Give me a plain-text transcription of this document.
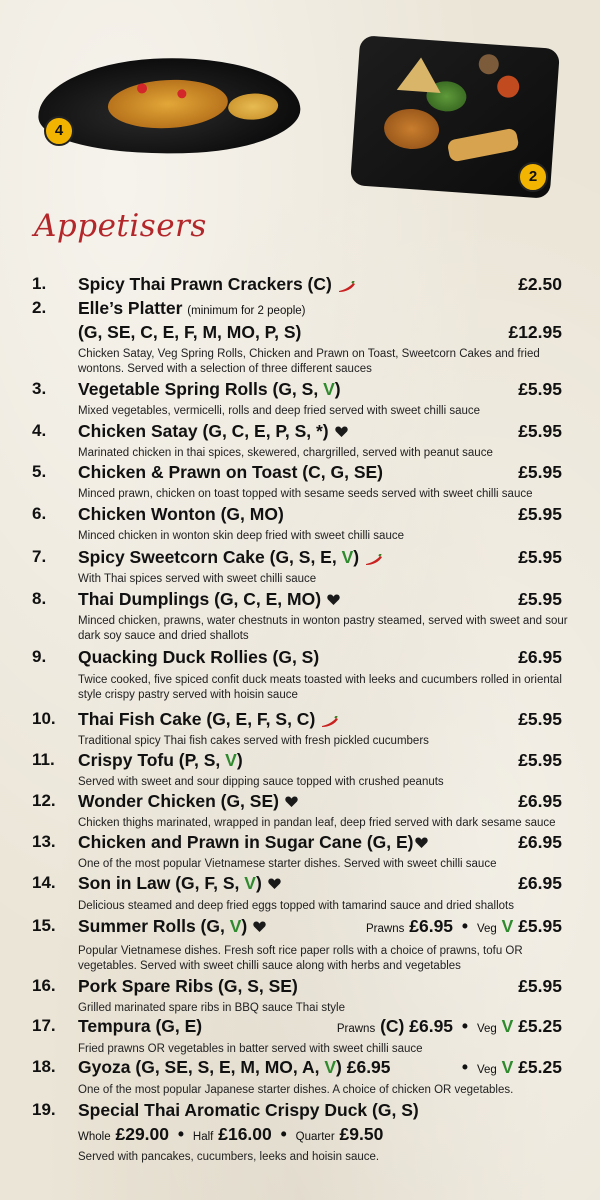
4
2
Appetisers
1. Spicy Thai Prawn Crackers (C)	£2.50
2. Elle’s Platter (minimum for 2 people)
(G, SE, C, E, F, M, MO, P, S)	£12.95
Chicken Satay, Veg Spring Rolls, Chicken and Prawn on Toast, Sweetcorn Cakes and fried wontons. Served with a selection of three different sauces
3. Vegetable Spring Rolls (G, S, V)	£5.95
Mixed vegetables, vermicelli, rolls and deep fried served with sweet chilli sauce
4. Chicken Satay (G, C, E, P, S, *)	£5.95
Marinated chicken in thai spices, skewered, chargrilled, served with peanut sauce
5. Chicken & Prawn on Toast (C, G, SE)	£5.95
Minced prawn, chicken on toast topped with sesame seeds served with sweet chilli sauce
6. Chicken Wonton (G, MO)	£5.95
Minced chicken in wonton skin deep fried with sweet chilli sauce
7. Spicy Sweetcorn Cake (G, S, E, V)	£5.95
With Thai spices served with sweet chilli sauce
8. Thai Dumplings (G, C, E, MO)	£5.95
Minced chicken, prawns, water chestnuts in wonton pastry steamed, served with sweet and sour dark soy sauce and dried shallots
9. Quacking Duck Rollies (G, S)	£6.95
Twice cooked, five spiced confit duck meats toasted with leeks and cucumbers rolled in oriental style crispy pastry served with hoisin sauce
10. Thai Fish Cake (G, E, F, S, C)	£5.95
Traditional spicy Thai fish cakes served with fresh pickled cucumbers
11. Crispy Tofu (P, S, V)	£5.95
Served with sweet and sour dipping sauce topped with crushed peanuts
12. Wonder Chicken (G, SE)	£6.95
Chicken thighs marinated, wrapped in pandan leaf, deep fried served with dark sesame sauce
13. Chicken and Prawn in Sugar Cane (G, E)	£6.95
One of the most popular Vietnamese starter dishes. Served with sweet chilli sauce
14. Son in Law (G, F, S, V)	£6.95
Delicious steamed and deep fried eggs topped with tamarind sauce and dried shallots
15. Summer Rolls (G, V)	Prawns £6.95 • Veg V £5.95
Popular Vietnamese dishes. Fresh soft rice paper rolls with a choice of prawns, tofu OR vegetables. Served with sweet chilli sauce along with herbs and vegetables
16. Pork Spare Ribs (G, S, SE)	£5.95
Grilled marinated spare ribs in BBQ sauce Thai style
17. Tempura (G, E)	Prawns (C) £6.95 • Veg V £5.25
Fried prawns OR vegetables in batter served with sweet chilli sauce
18. Gyoza (G, SE, S, E, M, MO, A, V) £6.95	• Veg V £5.25
One of the most popular Japanese starter dishes. A choice of chicken OR vegetables.
19. Special Thai Aromatic Crispy Duck (G, S)
Whole £29.00 • Half £16.00 • Quarter £9.50
Served with pancakes, cucumbers, leeks and hoisin sauce.
